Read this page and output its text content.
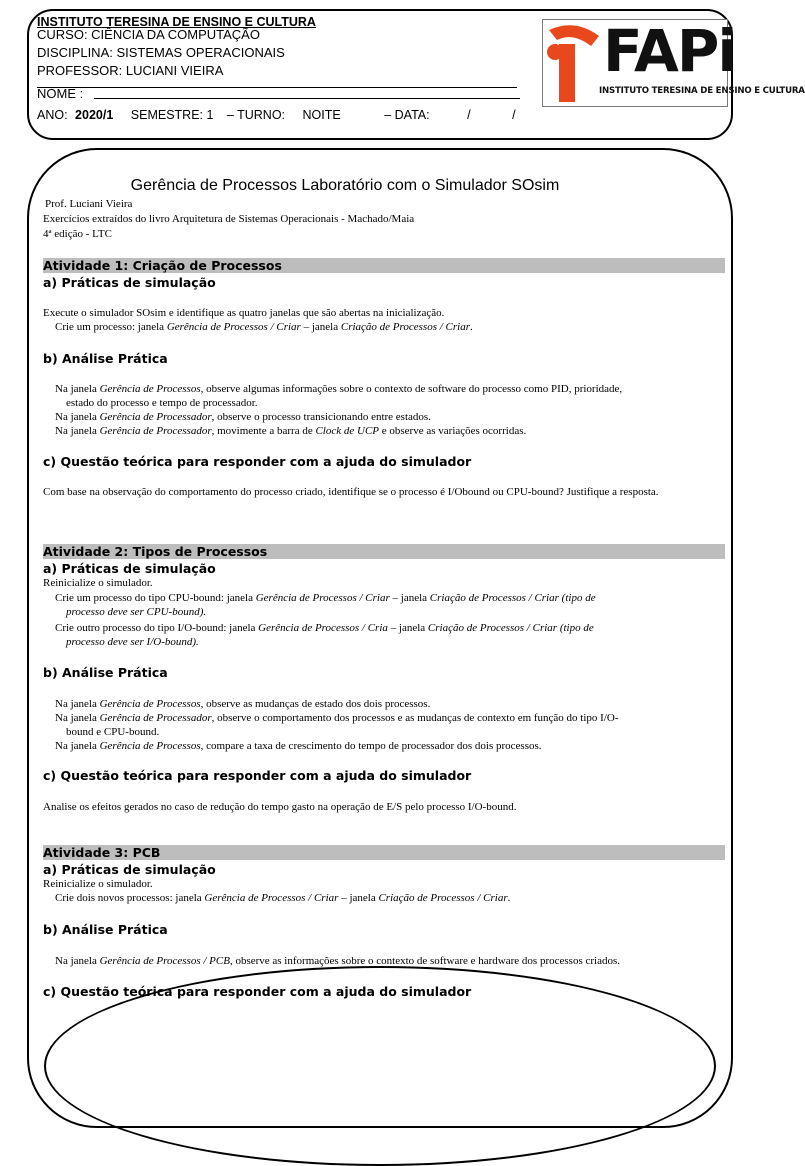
INSTITUTO TERESINA DE ENSINO E CULTURA
CURSO: CIÊNCIA DA COMPUTAÇÃO
DISCIPLINA: SISTEMAS OPERACIONAIS
PROFESSOR: LUCIANI VIEIRA
NOME :
ANO: 2020/1 SEMESTRE: 1 – TURNO: NOITE	– DATA:	/	/
FAPi
INSTITUTO TERESINA DE ENSINO E CULTURA
Gerência de Processos Laboratório com o Simulador SOsim
Prof. Luciani Vieira
Exercícios extraídos do livro Arquitetura de Sistemas Operacionais - Machado/Maia
4ª edição - LTC
Atividade 1: Criação de Processos
a) Práticas de simulação
Execute o simulador SOsim e identifique as quatro janelas que são abertas na inicialização.
Crie um processo: janela Gerência de Processos / Criar – janela Criação de Processos / Criar.
b) Análise Prática
Na janela Gerência de Processos, observe algumas informações sobre o contexto de software do processo como PID, prioridade,
estado do processo e tempo de processador.
Na janela Gerência de Processador, observe o processo transicionando entre estados.
Na janela Gerência de Processador, movimente a barra de Clock de UCP e observe as variações ocorridas.
c) Questão teórica para responder com a ajuda do simulador
Com base na observação do comportamento do processo criado, identifique se o processo é I/Obound ou CPU-bound? Justifique a resposta.
Atividade 2: Tipos de Processos
a) Práticas de simulação
Reinicialize o simulador.
Crie um processo do tipo CPU-bound: janela Gerência de Processos / Criar – janela Criação de Processos / Criar (tipo de
processo deve ser CPU-bound).
Crie outro processo do tipo I/O-bound: janela Gerência de Processos / Cria – janela Criação de Processos / Criar (tipo de
processo deve ser I/O-bound).
b) Análise Prática
Na janela Gerência de Processos, observe as mudanças de estado dos dois processos.
Na janela Gerência de Processador, observe o comportamento dos processos e as mudanças de contexto em função do tipo I/O-
bound e CPU-bound.
Na janela Gerência de Processos, compare a taxa de crescimento do tempo de processador dos dois processos.
c) Questão teórica para responder com a ajuda do simulador
Analise os efeitos gerados no caso de redução do tempo gasto na operação de E/S pelo processo I/O-bound.
Atividade 3: PCB
a) Práticas de simulação
Reinicialize o simulador.
Crie dois novos processos: janela Gerência de Processos / Criar – janela Criação de Processos / Criar.
b) Análise Prática
Na janela Gerência de Processos / PCB, observe as informações sobre o contexto de software e hardware dos processos criados.
c) Questão teórica para responder com a ajuda do simulador
